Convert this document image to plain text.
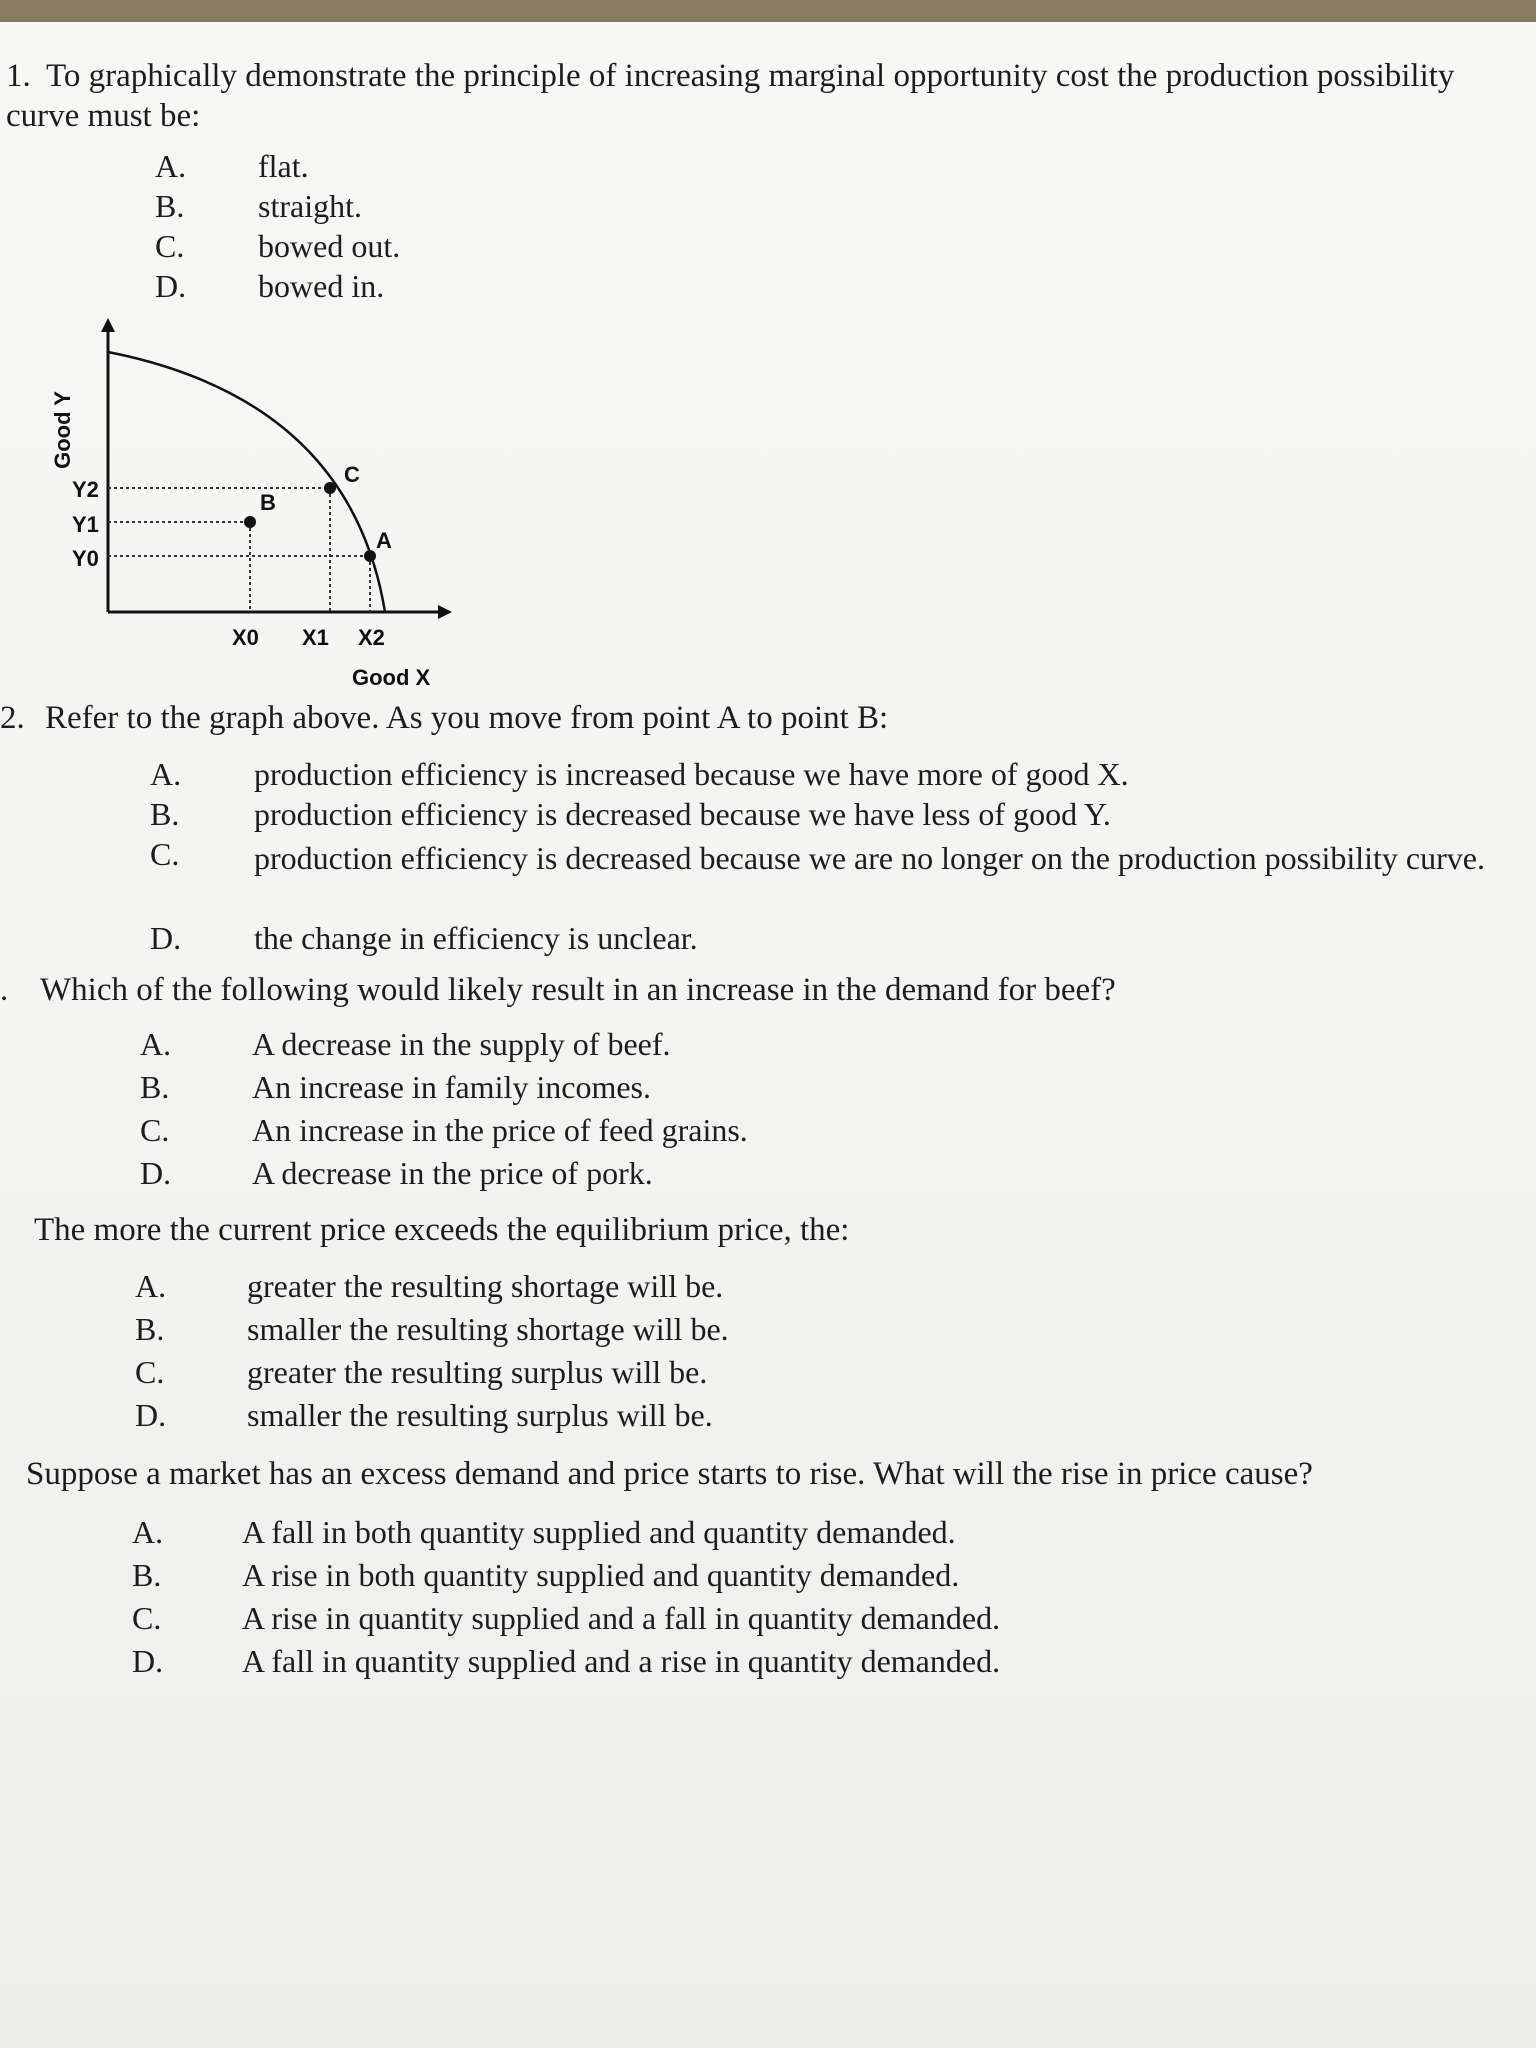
1. To graphically demonstrate the principle of increasing marginal opportunity cost the production possibility curve must be:
A. flat.
B. straight.
C. bowed out.
D. bowed in.
Y2
Y1
Y0
X0 X1 X2
Good Y
Good X
C
B
A
2. Refer to the graph above. As you move from point A to point B:
A. production efficiency is increased because we have more of good X.
B. production efficiency is decreased because we have less of good Y.
C. production efficiency is decreased because we are no longer on the production possibility curve.
D. the change in efficiency is unclear.
. Which of the following would likely result in an increase in the demand for beef?
A.	A decrease in the supply of beef.
B.	An increase in family incomes.
C.	An increase in the price of feed grains.
D.	A decrease in the price of pork.
The more the current price exceeds the equilibrium price, the:
A.	greater the resulting shortage will be.
B.	smaller the resulting shortage will be.
C.	greater the resulting surplus will be.
D.	smaller the resulting surplus will be.
Suppose a market has an excess demand and price starts to rise. What will the rise in price cause?
A. A fall in both quantity supplied and quantity demanded.
B.	A rise in both quantity supplied and quantity demanded.
C.	A rise in quantity supplied and a fall in quantity demanded.
D. A fall in quantity supplied and a rise in quantity demanded.
